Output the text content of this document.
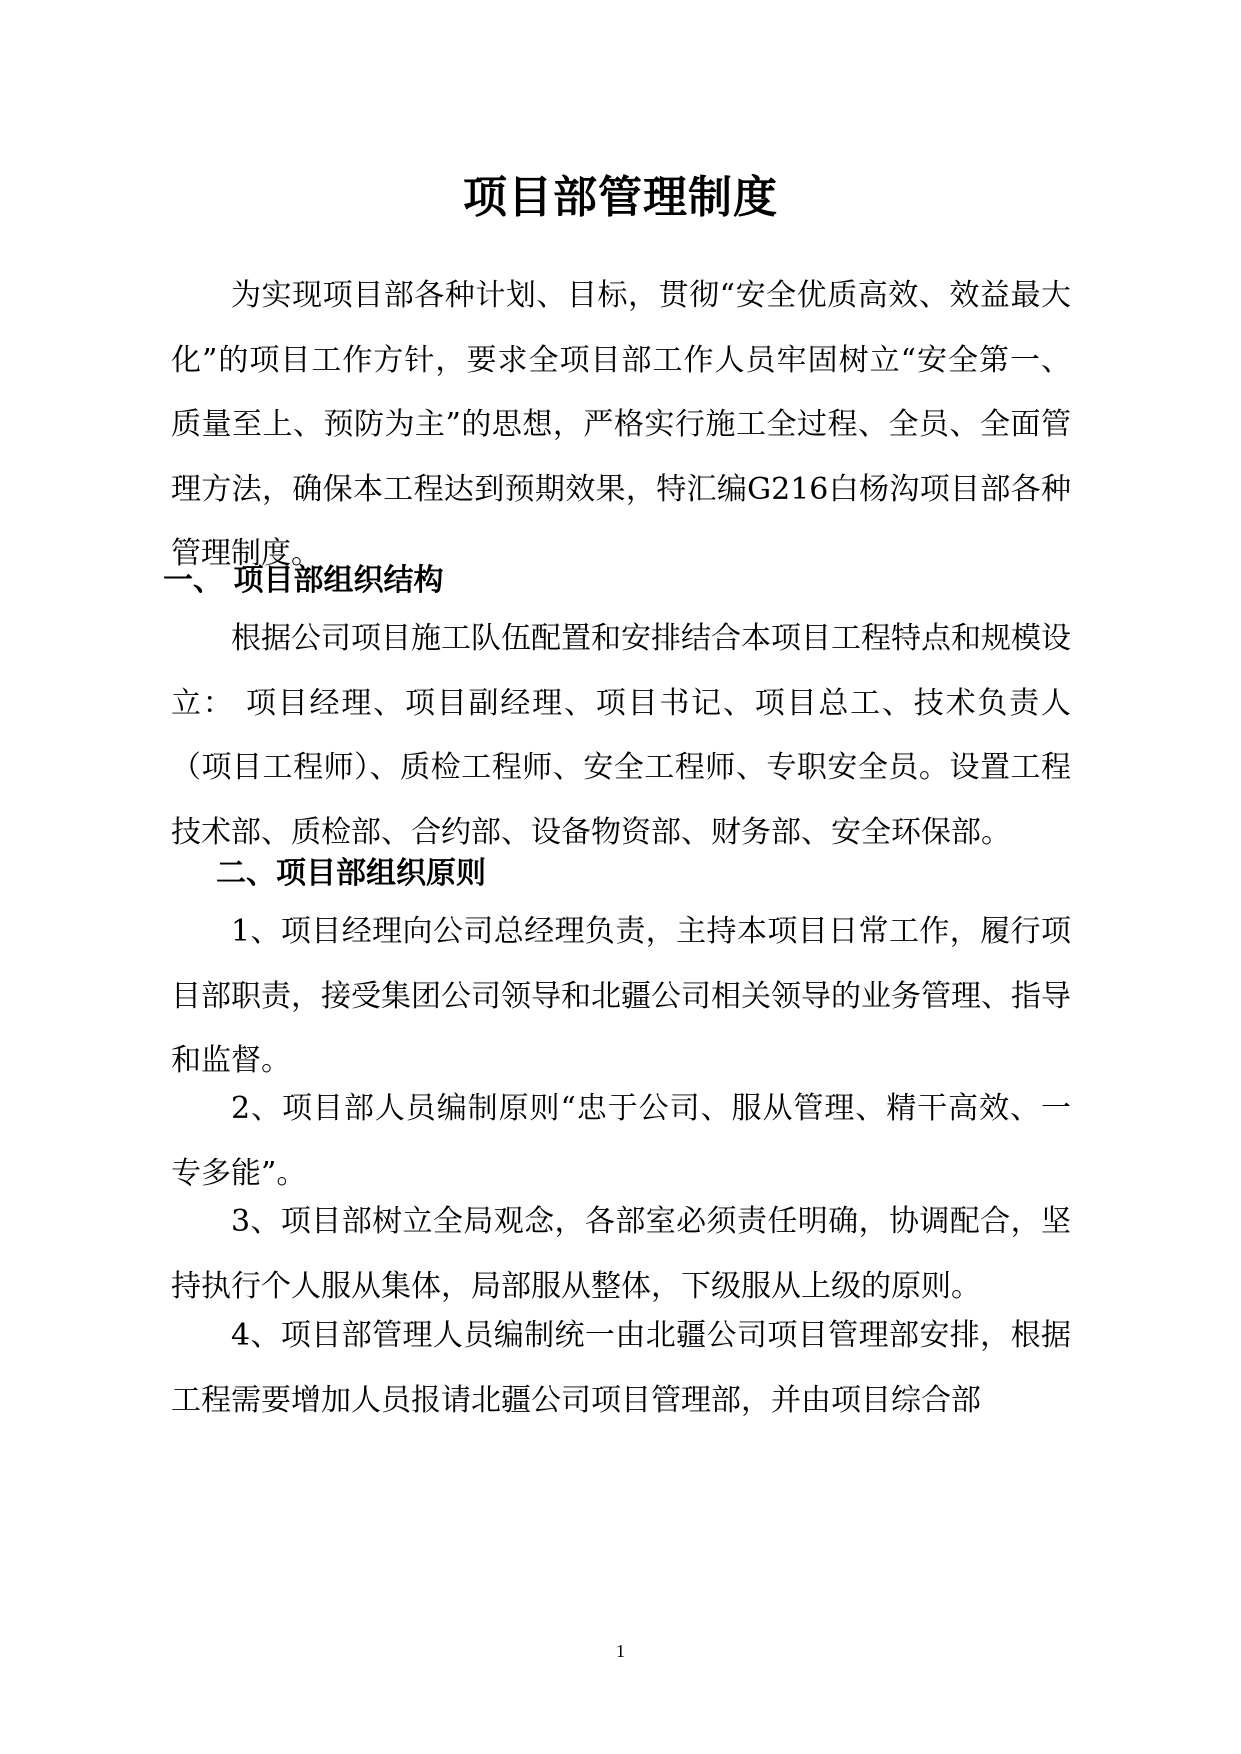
项目部管理制度

为实现项目部各种计划、目标，贯彻“安全优质高效、效益最大化”的项目工作方针，要求全项目部工作人员牢固树立“安全第一、质量至上、预防为主”的思想，严格实行施工全过程、全员、全面管理方法，确保本工程达到预期效果，特汇编G216白杨沟项目部各种管理制度。

一、 项目部组织结构

根据公司项目施工队伍配置和安排结合本项目工程特点和规模设立： 项目经理、项目副经理、项目书记、项目总工、技术负责人（项目工程师）、质检工程师、安全工程师、专职安全员。设置工程技术部、质检部、合约部、设备物资部、财务部、安全环保部。

二、项目部组织原则

1、项目经理向公司总经理负责，主持本项目日常工作，履行项目部职责，接受集团公司领导和北疆公司相关领导的业务管理、指导和监督。

2、项目部人员编制原则“忠于公司、服从管理、精干高效、一专多能”。

3、项目部树立全局观念，各部室必须责任明确，协调配合，坚持执行个人服从集体，局部服从整体，下级服从上级的原则。

4、项目部管理人员编制统一由北疆公司项目管理部安排，根据工程需要增加人员报请北疆公司项目管理部，并由项目综合部

1
